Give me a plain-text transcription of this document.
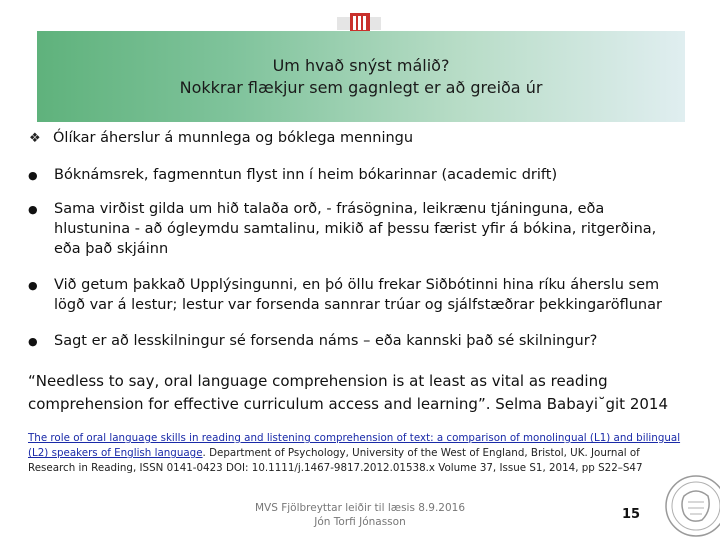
Um hvað snýst málið?
Nokkrar flækjur sem gagnlegt er að greiða úr
❖ Ólíkar áherslur á munnlega og bóklega menningu
●	Bóknámsrek, fagmenntun flyst inn í heim bókarinnar (academic drift)
●	Sama virðist gilda um hið talaða orð, - frásögnina, leikrænu tjáninguna, eða hlustunina - að ógleymdu samtalinu, mikið af þessu færist yfir á bókina, ritgerðina, eða það skjáinn
●	Við getum þakkað Upplýsingunni, en þó öllu frekar Siðbótinni hina ríku áherslu sem lögð var á lestur; lestur var forsenda sannrar trúar og sjálfstæðrar þekkingaröflunar
●	Sagt er að lesskilningur sé forsenda náms – eða kannski það sé skilningur?
“Needless to say, oral language comprehension is at least as vital as reading comprehension for effective curriculum access and learning”. Selma Babayi˘git 2014
The role of oral language skills in reading and listening comprehension of text: a comparison of monolingual (L1) and bilingual (L2) speakers of English language. Department of Psychology, University of the West of England, Bristol, UK. Journal of Research in Reading, ISSN 0141-0423 DOI: 10.1111/j.1467-9817.2012.01538.x Volume 37, Issue S1, 2014, pp S22–S47
MVS Fjölbreyttar leiðir til læsis 8.9.2016
Jón Torfi Jónasson	15
